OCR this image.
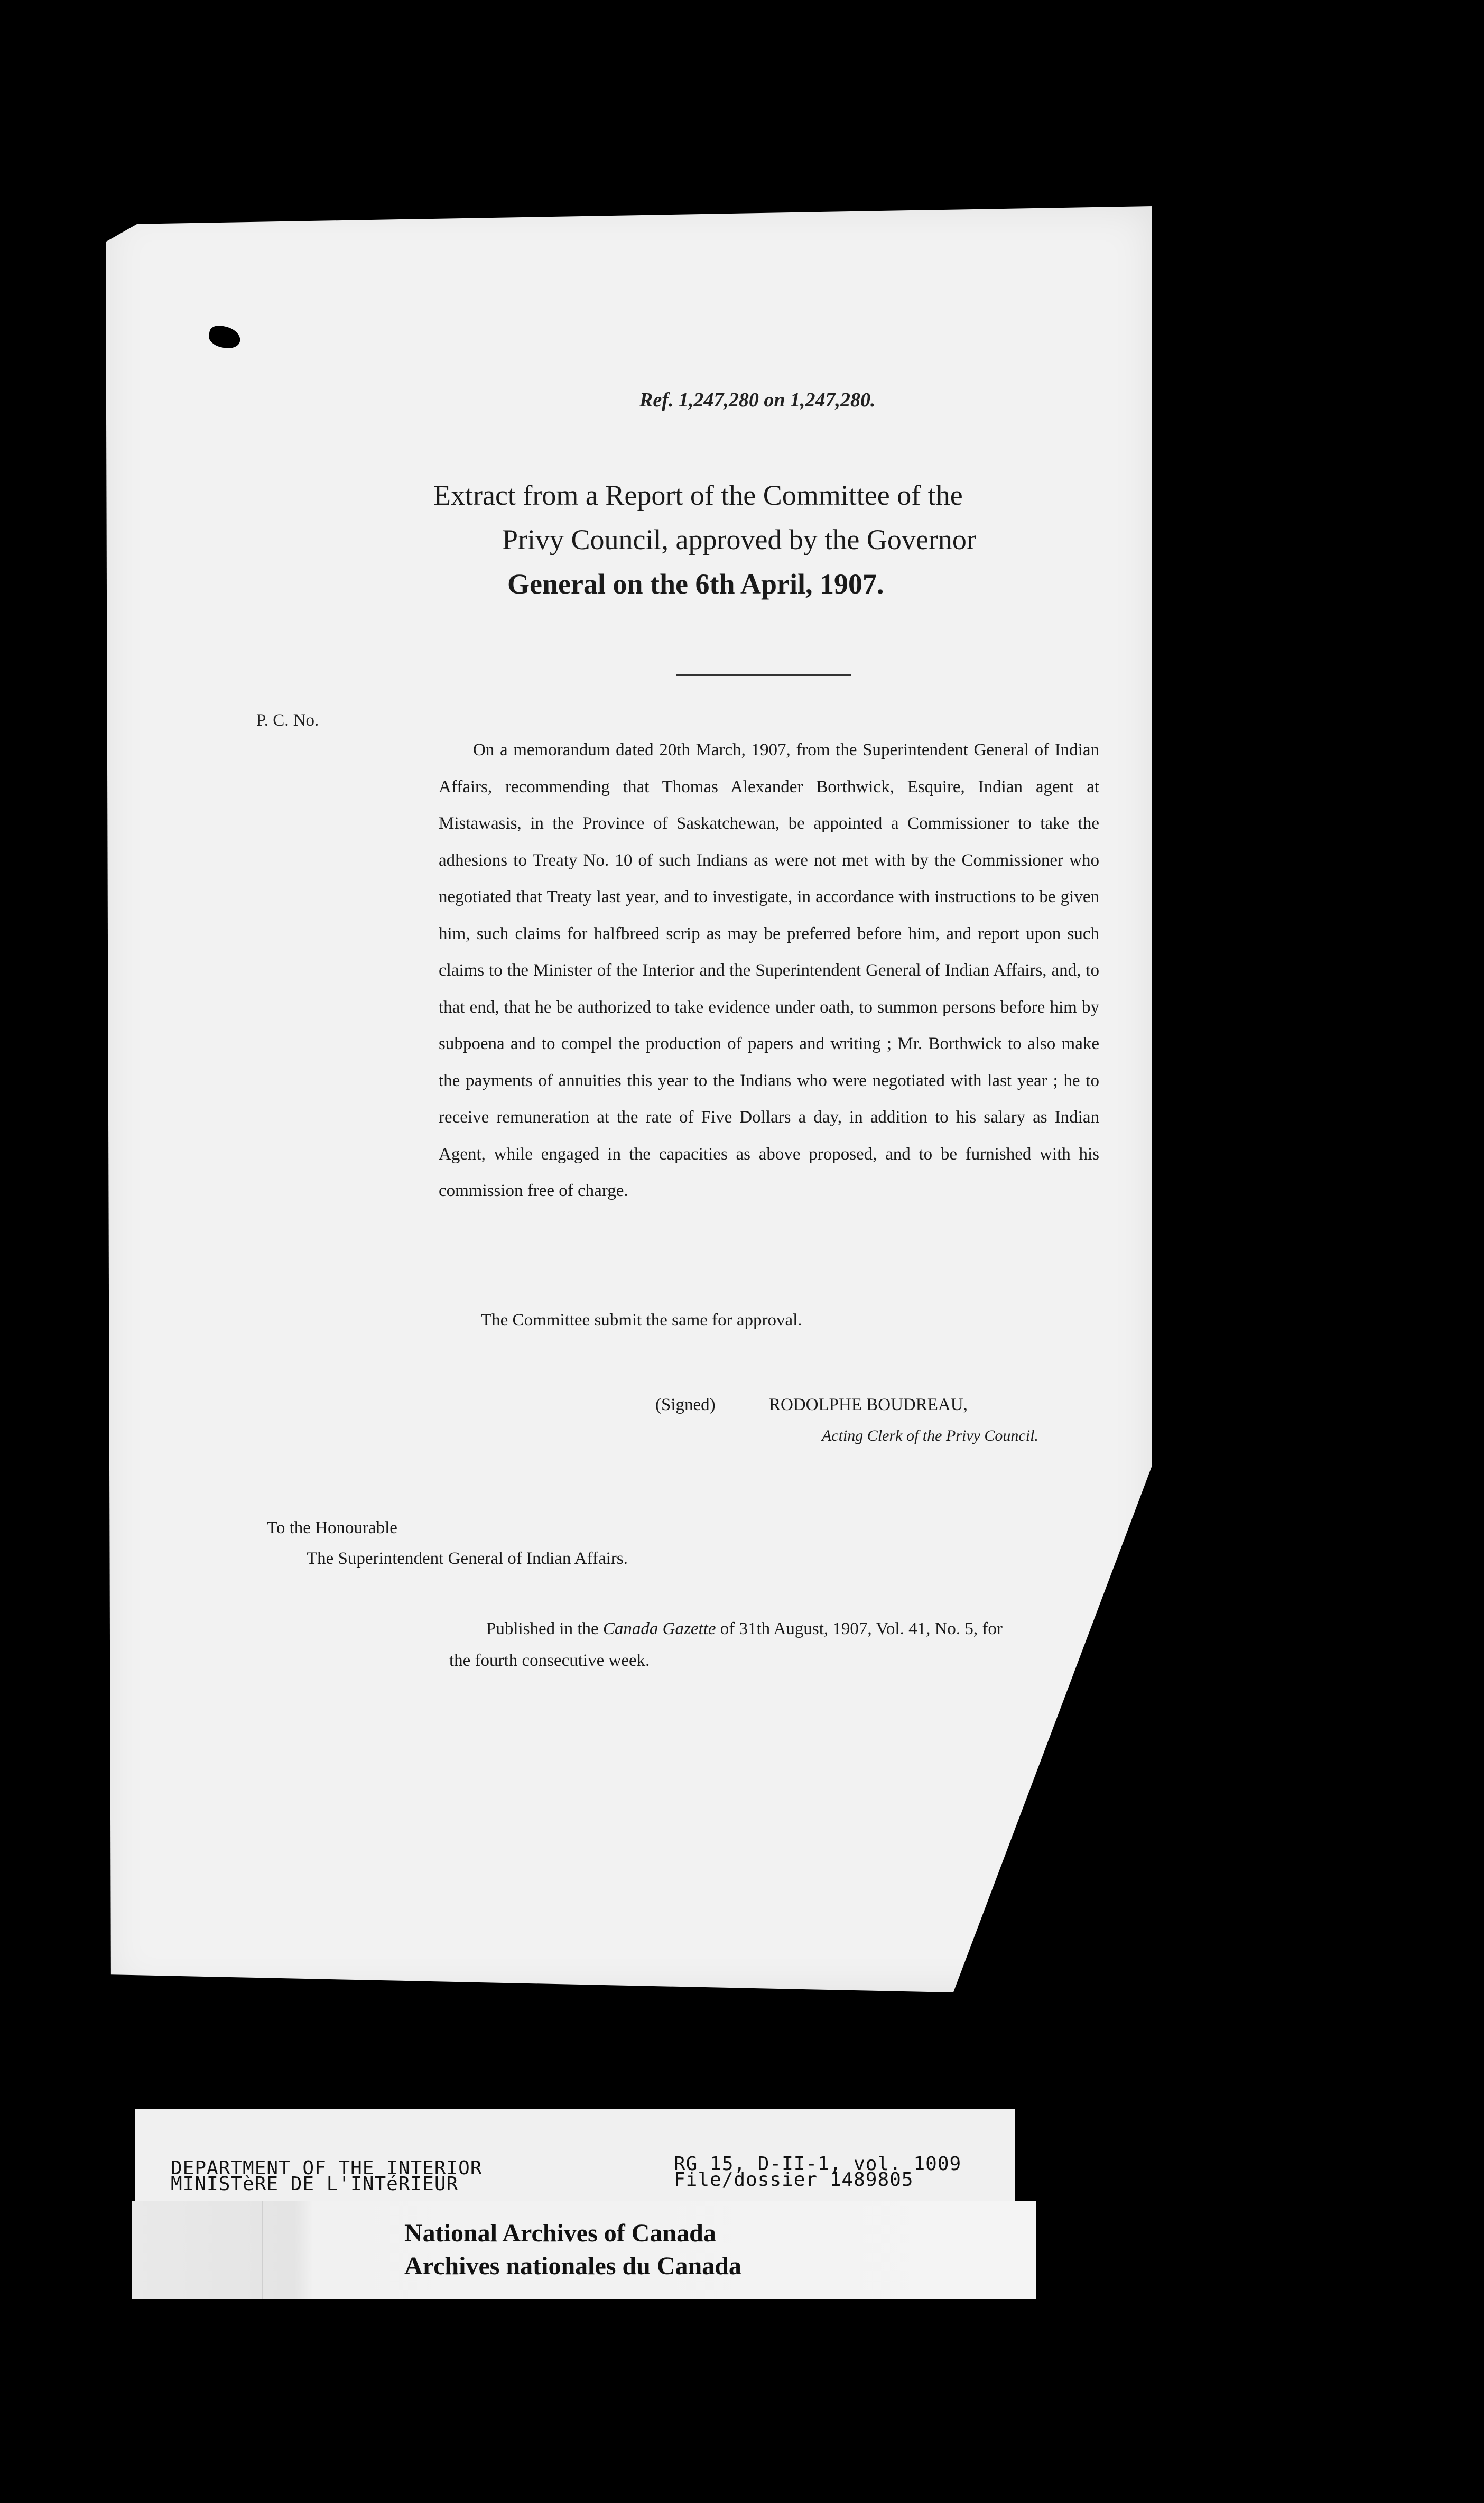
Ref. 1,247,280 on 1,247,280.
Extract from a Report of the Committee of the
Privy Council, approved by the Governor
General on the 6th April, 1907.
P. C. No.
On a memorandum dated 20th March, 1907, from the Superintendent General of Indian Affairs, recommending that Thomas Alexander Borthwick, Esquire, Indian agent at Mistawasis, in the Province of Saskatchewan, be appointed a Commissioner to take the adhesions to Treaty No. 10 of such Indians as were not met with by the Commissioner who negotiated that Treaty last year, and to investigate, in accordance with instructions to be given him, such claims for halfbreed scrip as may be preferred before him, and report upon such claims to the Minister of the Interior and the Superintendent General of Indian Affairs, and, to that end, that he be authorized to take evidence under oath, to summon persons before him by subpoena and to compel the production of papers and writing ; Mr. Borthwick to also make the payments of annuities this year to the Indians who were negotiated with last year ; he to receive remuneration at the rate of Five Dollars a day, in addition to his salary as Indian Agent, while engaged in the capacities as above proposed, and to be furnished with his commission free of charge.
The Committee submit the same for approval.
(Signed)	RODOLPHE BOUDREAU,
Acting Clerk of the Privy Council.
To the Honourable
The Superintendent General of Indian Affairs.
Published in the Canada Gazette of 31th August, 1907, Vol. 41, No. 5, for
the fourth consecutive week.
DEPARTMENT OF THE INTERIOR
MINISTèRE DE L'INTéRIEUR
RG 15, D-II-1, vol. 1009
File/dossier 1489805
National Archives of Canada
Archives nationales du Canada
